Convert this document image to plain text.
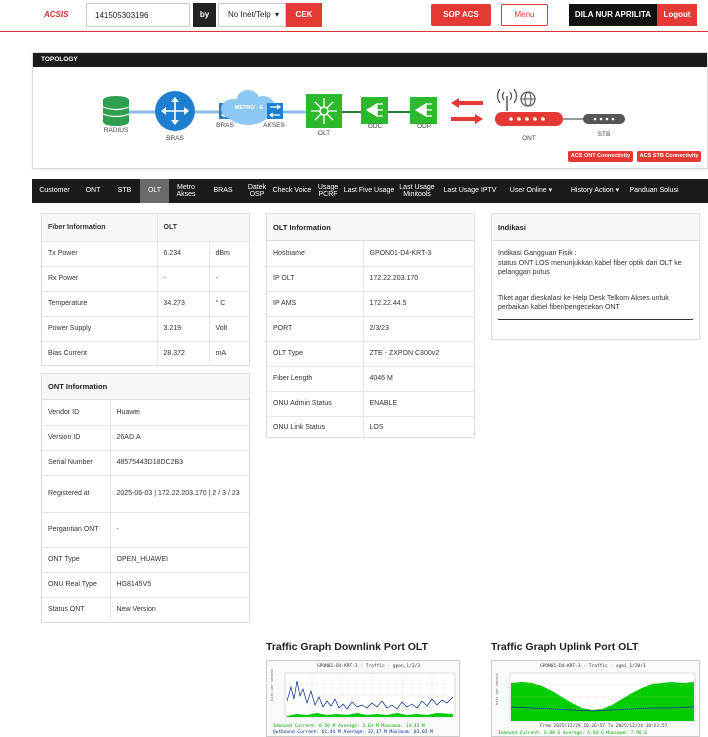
ACSIS
141505303196	by	No Inet/Telp ▾	CEK	SOP ACS	Menu	DILA NUR APRILITA	Logout
TOPOLOGY
RADIUS
BRAS
BRAS
METRO - E
AKSES
OLT
ODC	ODP
ONT
STB
ACS ONT Connectivity	ACS STB Connectivity
Customer	ONT	STB	OLT
Metro Akses
BRAS
Datek OSP
Check Voice
Usage PCRF
Last Five Usage
Last Usage Minitools
Last Usage IPTV	User Online ▾	History Action ▾	Panduan Solusi
Fiber Information	OLT	
Tx Power	6.234	dBm
Rx Power	-	-
Temperature	34.273	° C
Power Supply	3.219	Volt
Bias Current	28.372	mA
ONT Information
Vendor ID	Huawei
Version ID	26AD.A
Serial Number	48575443D18DC2B3
Registered at	2025-06-03 | 172.22.203.170 | 2 / 3 / 23
Pergantian ONT	-
ONT Type	OPEN_HUAWEI
ONU Real Type	HG8145V5
Status ONT	New Version
OLT Information
Hostname	GPON01-D4-KRT-3
IP OLT	172.22.203.170
IP AMS	172.22.44.5
PORT	2/3/23
OLT Type	ZTE - ZXPON C300v2
Fiber Length	4046 M
ONU Admin Status	ENABLE
ONU Link Status	LOS
Indikasi
Indikasi Gangguan Fisik :
status ONT LOS menunjukkan kabel fiber optik dari OLT ke pelanggan putus
Tiket agar dieskalasi ke Help Desk Telkom Akses untuk perbaikan kabel fiber/pengecekan ONT
Traffic Graph Downlink Port OLT
GPON01-D4-KRT-3 - Traffic - gpon_1/2/3
bits per second
Inbound Current: 6.58 M Average: 3.64 M Maximum: 14.42 M
Outbound Current: 61.44 M Average: 32.17 M Maximum: 83.03 M
Traffic Graph Uplink Port OLT
GPON01-D4-KRT-3 - Traffic - xgei_1/20/1
bits per second
From 2025/12/29 10:26:57 To 2025/12/24 10:21:57
Inbound Current: 6.98 G Average: 5.84 G Maximum: 7.96 G
